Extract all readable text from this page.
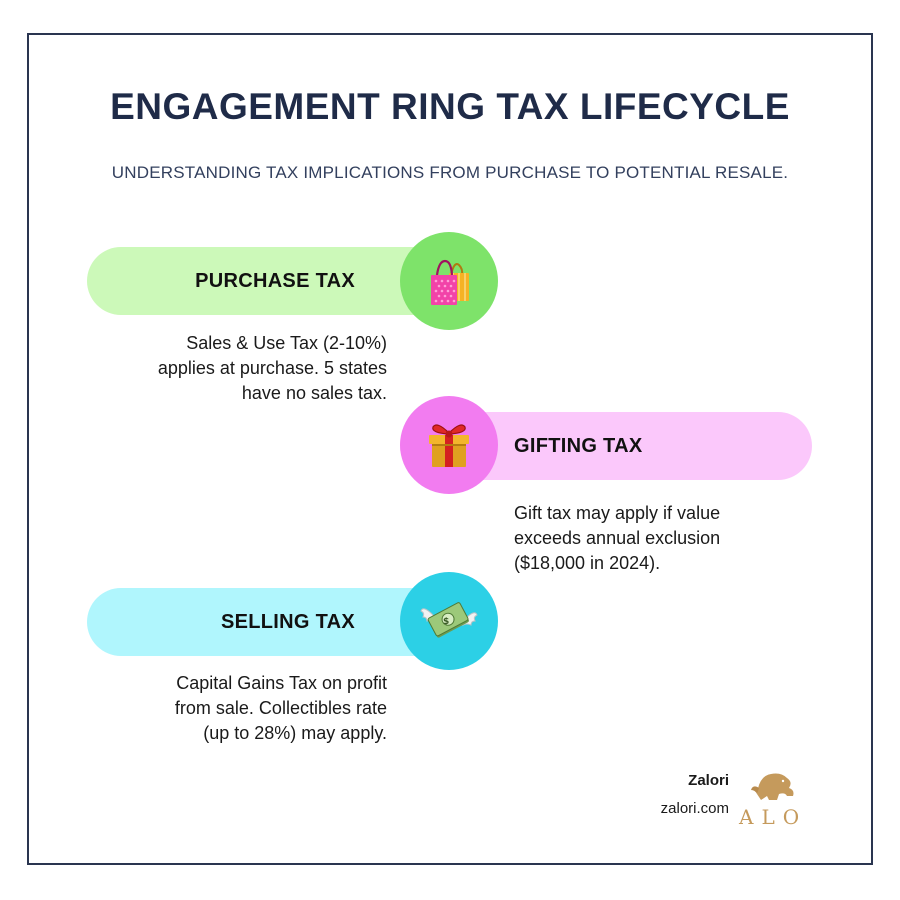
ENGAGEMENT RING TAX LIFECYCLE

UNDERSTANDING TAX IMPLICATIONS FROM PURCHASE TO POTENTIAL RESALE.

PURCHASE TAX

Sales & Use Tax (2-10%)
applies at purchase. 5 states
have no sales tax.

GIFTING TAX

Gift tax may apply if value
exceeds annual exclusion
($18,000 in 2024).

SELLING TAX	$

Capital Gains Tax on profit
from sale. Collectibles rate
(up to 28%) may apply.

Zalori
zalori.com ALO
